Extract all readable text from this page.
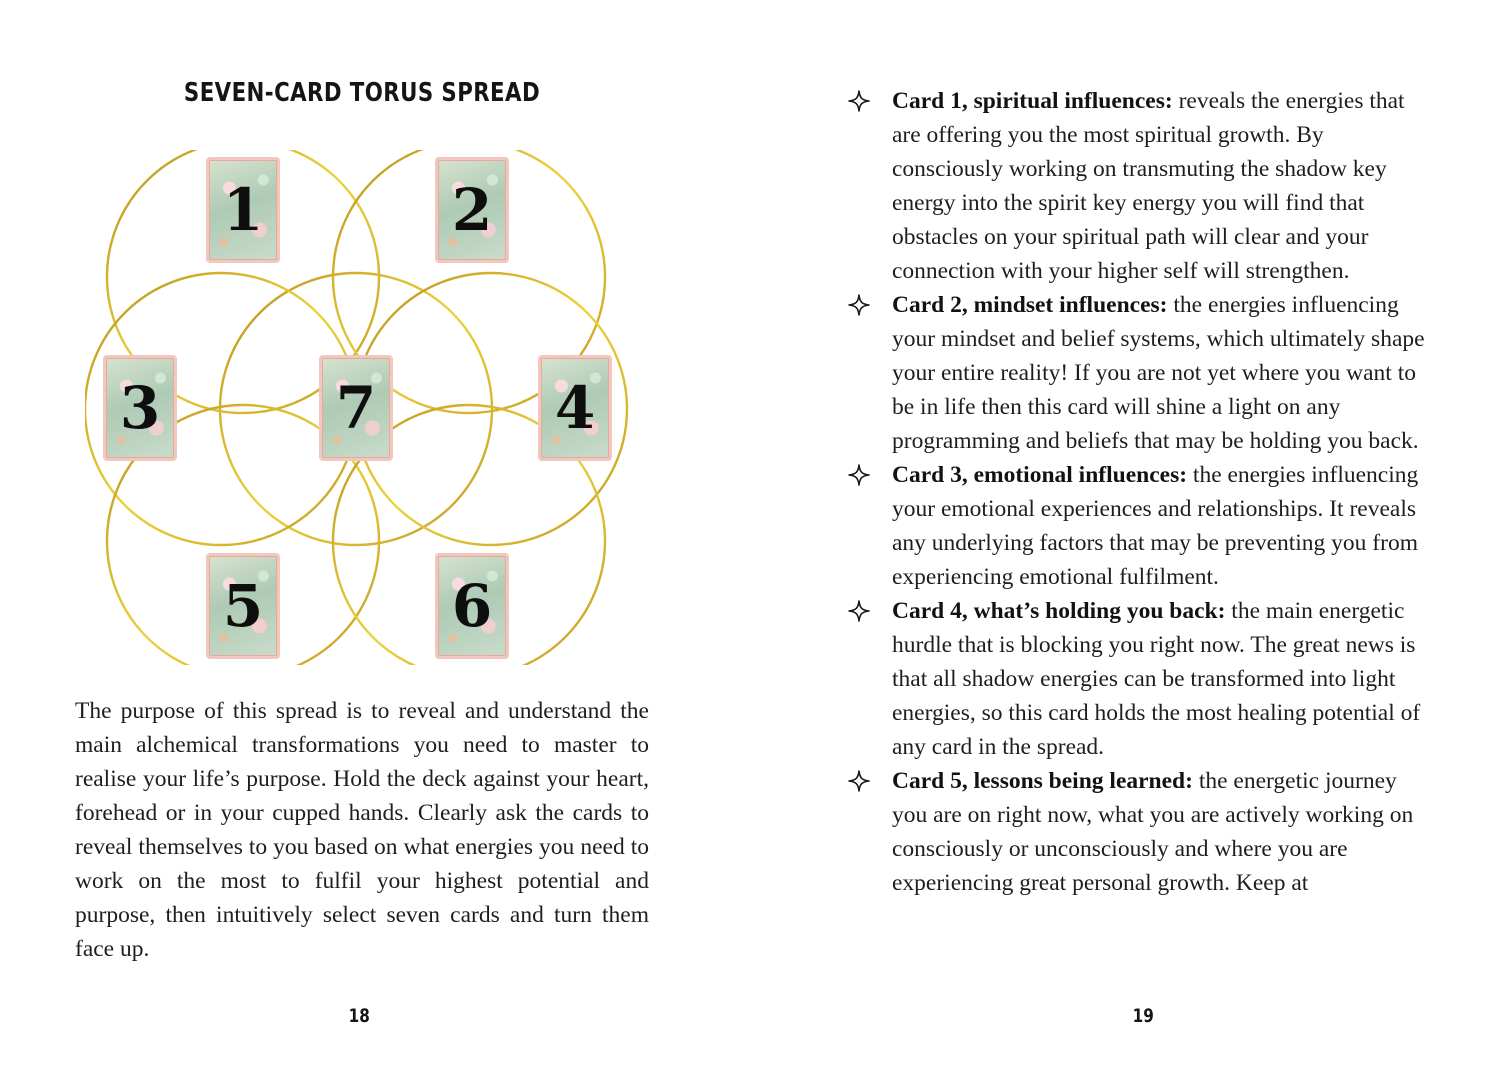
SEVEN-CARD TORUS SPREAD
1	2
3	4
5	6
7

The purpose of this spread is to reveal and understand the main alchemical transformations you need to master to realise your life’s purpose. Hold the deck against your heart, forehead or in your cupped hands. Clearly ask the cards to reveal themselves to you based on what energies you need to work on the most to fulfil your highest potential and purpose, then intuitively select seven cards and turn them face up.

18

Card 1, spiritual influences: reveals the energies that are offering you the most spiritual growth. By consciously working on transmuting the shadow key energy into the spirit key energy you will find that obstacles on your spiritual path will clear and your connection with your higher self will strengthen.
Card 2, mindset influences: the energies influencing your mindset and belief systems, which ultimately shape your entire reality! If you are not yet where you want to be in life then this card will shine a light on any programming and beliefs that may be holding you back.
Card 3, emotional influences: the energies influencing your emotional experiences and relationships. It reveals any underlying factors that may be preventing you from experiencing emotional fulfilment.
Card 4, what’s holding you back: the main energetic hurdle that is blocking you right now. The great news is that all shadow energies can be transformed into light energies, so this card holds the most healing potential of any card in the spread.
Card 5, lessons being learned: the energetic journey you are on right now, what you are actively working on consciously or unconsciously and where you are experiencing great personal growth. Keep at

19
